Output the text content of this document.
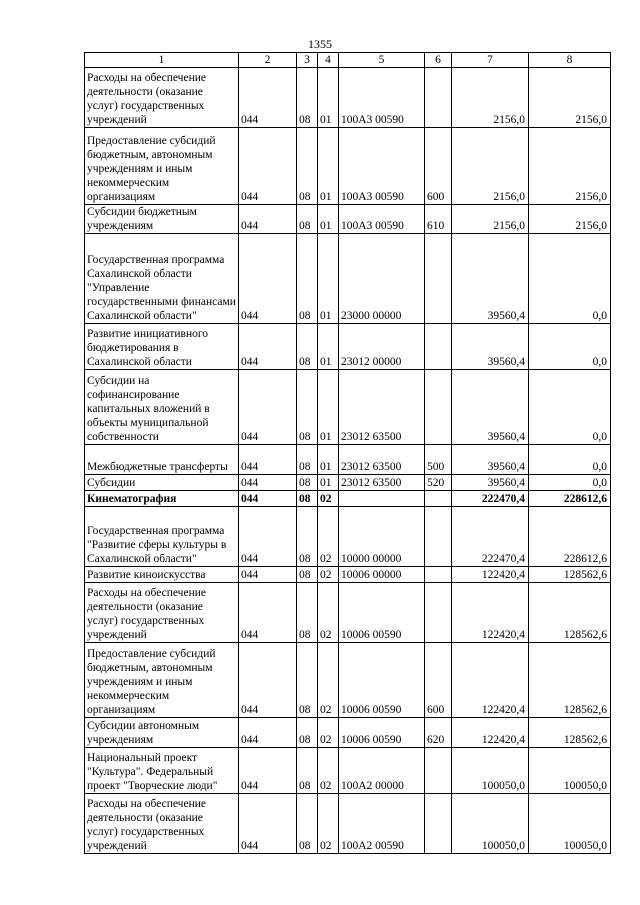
1355
1	2	3	4	5	6	7	8
Расходы на обеспечение деятельности (оказание услуг) государственных учреждений	044	08	01	100А3 00590		2156,0	2156,0
Предоставление субсидий бюджетным, автономным учреждениям и иным некоммерческим организациям	044	08	01	100А3 00590	600	2156,0	2156,0
Субсидии бюджетным учреждениям	044	08	01	100А3 00590	610	2156,0	2156,0
Государственная программа Сахалинской области "Управление государственными финансами Сахалинской области"	044	08	01	23000 00000		39560,4	0,0
Развитие инициативного бюджетирования в Сахалинской области	044	08	01	23012 00000		39560,4	0,0
Субсидии на софинансирование капитальных вложений в объекты муниципальной собственности	044	08	01	23012 63500		39560,4	0,0
Межбюджетные трансферты	044	08	01	23012 63500	500	39560,4	0,0
Субсидии	044	08	01	23012 63500	520	39560,4	0,0
Кинематография	044	08	02			222470,4	228612,6
Государственная программа "Развитие сферы культуры в Сахалинской области"	044	08	02	10000 00000		222470,4	228612,6
Развитие киноискусства	044	08	02	10006 00000		122420,4	128562,6
Расходы на обеспечение деятельности (оказание услуг) государственных учреждений	044	08	02	10006 00590		122420,4	128562,6
Предоставление субсидий бюджетным, автономным учреждениям и иным некоммерческим организациям	044	08	02	10006 00590	600	122420,4	128562,6
Субсидии автономным учреждениям	044	08	02	10006 00590	620	122420,4	128562,6
Национальный проект "Культура". Федеральный проект "Творческие люди"	044	08	02	100А2 00000		100050,0	100050,0
Расходы на обеспечение деятельности (оказание услуг) государственных учреждений	044	08	02	100А2 00590		100050,0	100050,0
